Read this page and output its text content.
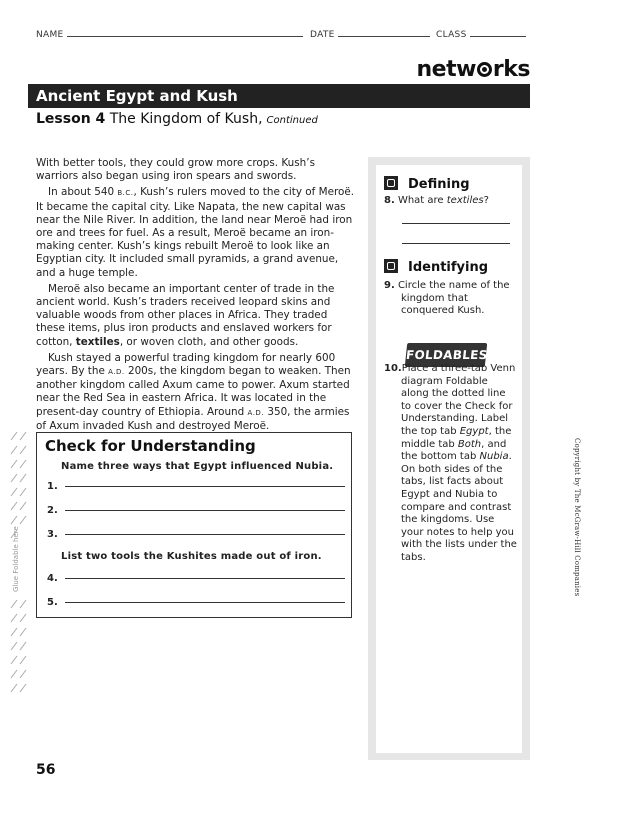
NAME	DATE	CLASS
netw rks
Ancient Egypt and Kush
Lesson 4 The Kingdom of Kush, Continued

With better tools, they could grow more crops. Kush’s warriors also began using iron spears and swords.

In about 540 B.C., Kush’s rulers moved to the city of Meroë. It became the capital city. Like Napata, the new capital was near the Nile River. In addition, the land near Meroë had iron ore and trees for fuel. As a result, Meroë became an iron-making center. Kush’s kings rebuilt Meroë to look like an Egyptian city. It included small pyramids, a grand avenue, and a huge temple.

Meroë also became an important center of trade in the ancient world. Kush’s traders received leopard skins and valuable woods from other places in Africa. They traded these items, plus iron products and enslaved workers for cotton, textiles, or woven cloth, and other goods.

Kush stayed a powerful trading kingdom for nearly 600 years. By the A.D. 200s, the kingdom began to weaken. Then another kingdom called Axum came to power. Axum started near the Red Sea in eastern Africa. It was located in the present-day country of Ethiopia. Around A.D. 350, the armies of Axum invaded Kush and destroyed Meroë.

Glue Foldable here
Check for Understanding
Name three ways that Egypt influenced Nubia.
1.
2.
3.
List two tools the Kushites made out of iron.
4.
5.
Defining
8. What are textiles?
Identifying
9. Circle the name of the kingdom that conquered Kush.
FOLDABLES
10.Place a three-tab Venn diagram Foldable along the dotted line to cover the Check for Understanding. Label the top tab Egypt, the middle tab Both, and the bottom tab Nubia. On both sides of the tabs, list facts about Egypt and Nubia to compare and contrast the kingdoms. Use your notes to help you with the lists under the tabs.	Copyright by The McGraw-Hill Companies
56
